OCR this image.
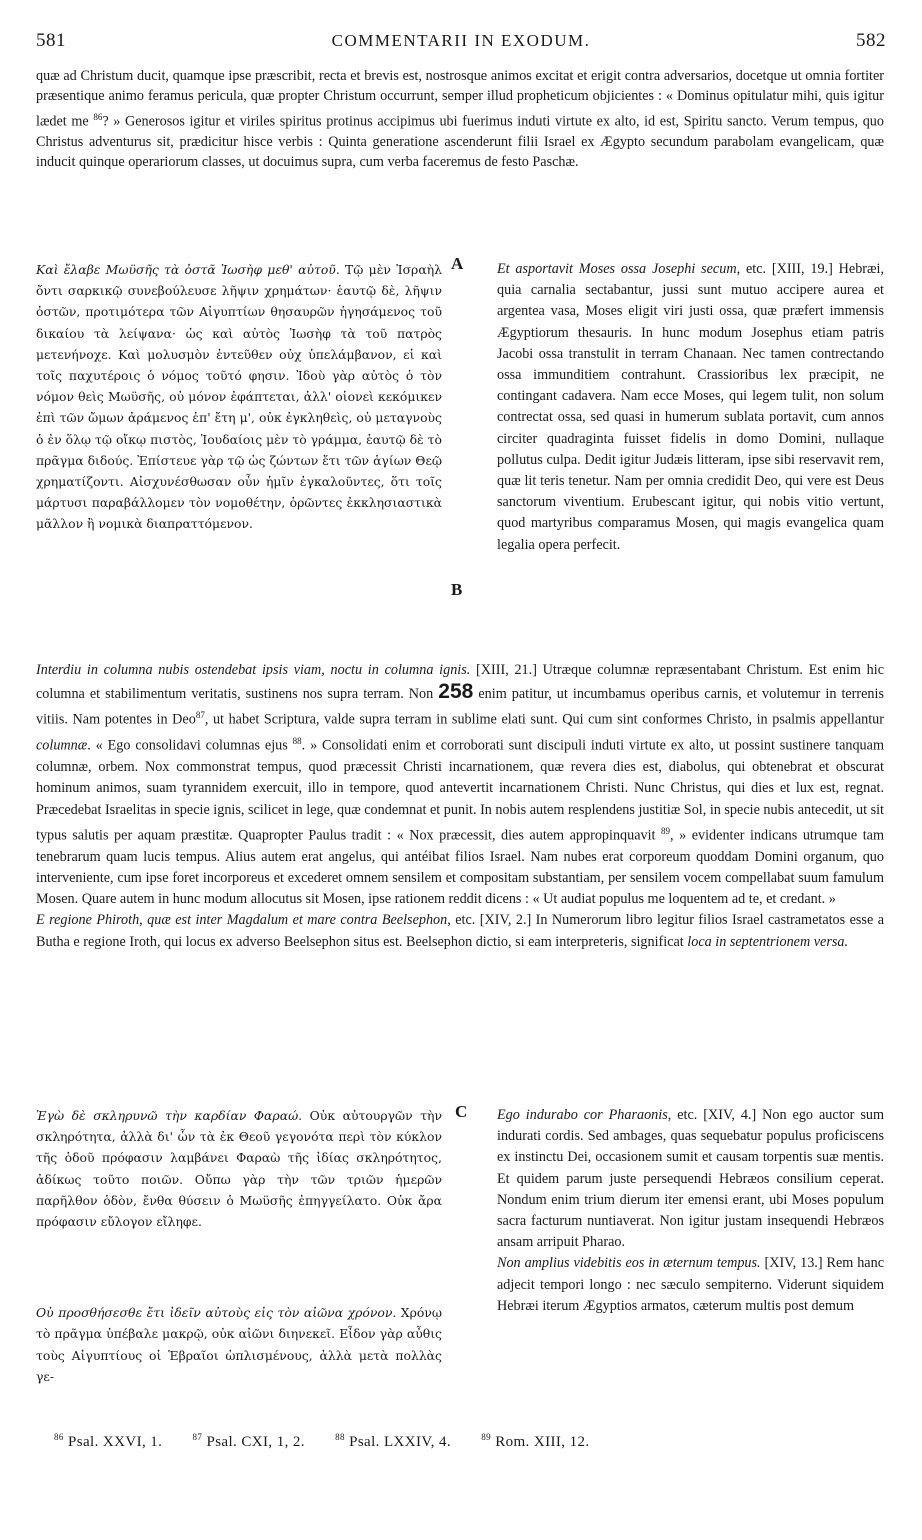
581	COMMENTARII IN EXODUM.	582

quæ ad Christum ducit, quamque ipse præscribit, recta et brevis est, nostrosque animos excitat et erigit contra adversarios, docetque ut omnia fortiter præsentique animo feramus pericula, quæ propter Christum occurrunt, semper illud propheticum objicientes : « Dominus opitulatur mihi, quis igitur lædet me $^{86}$? » Generosos igitur et viriles spiritus protinus accipimus ubi fuerimus induti virtute ex alto, id est, Spiritu sancto. Verum tempus, quo Christus adventurus sit, prædicitur hisce verbis : Quinta generatione ascenderunt filii Israel ex Ægypto secundum parabolam evangelicam, quæ inducit quinque operariorum classes, ut docuimus supra, cum verba faceremus de festo Paschæ.

Καὶ ἔλαβε Μωϋσῆς τὰ ὀστᾶ Ἰωσὴφ μεθ' αὐτοῦ. Τῷ μὲν Ἰσραὴλ ὄντι σαρκικῷ συνεβούλευσε λῆψιν χρημάτων· ἑαυτῷ δὲ, λῆψιν ὀστῶν, προτιμότερα τῶν Αἰγυπτίων θησαυρῶν ἡγησάμενος τοῦ δικαίου τὰ λείψανα· ὡς καὶ αὐτὸς Ἰωσὴφ τὰ τοῦ πατρὸς μετενήνοχε. Καὶ μολυσμὸν ἐντεῦθεν οὐχ ὑπελάμβανον, εἰ καὶ τοῖς παχυτέροις ὁ νόμος τοῦτό φησιν. Ἰδοὺ γὰρ αὐτὸς ὁ τὸν νόμον θεὶς Μωϋσῆς, οὐ μόνον ἐφάπτεται, ἀλλ' οἱονεὶ κεκόμικεν ἐπὶ τῶν ὤμων ἀράμενος ἐπ' ἔτη μ', οὐκ ἐγκληθεὶς, οὐ μεταγνοὺς ὁ ἐν ὅλῳ τῷ οἴκῳ πιστὸς, Ἰουδαίοις μὲν τὸ γράμμα, ἑαυτῷ δὲ τὸ πρᾶγμα διδούς. Ἐπίστευε γὰρ τῷ ὡς ζώντων ἔτι τῶν ἁγίων Θεῷ χρηματίζοντι. Αἰσχυνέσθωσαν οὖν ἡμῖν ἐγκαλοῦντες, ὅτι τοῖς μάρτυσι παραβάλλομεν τὸν νομοθέτην, ὁρῶντες ἐκκλησιαστικὰ μᾶλλον ἢ νομικὰ διαπραττόμενον.
A
B
Et asportavit Moses ossa Josephi secum, etc. [XIII, 19.] Hebræi, quia carnalia sectabantur, jussi sunt mutuo accipere aurea et argentea vasa, Moses eligit viri justi ossa, quæ præfert immensis Ægyptiorum thesauris. In hunc modum Josephus etiam patris Jacobi ossa transtulit in terram Chanaan. Nec tamen contrectando ossa immunditiem contrahunt. Crassioribus lex præcipit, ne contingant cadavera. Nam ecce Moses, qui legem tulit, non solum contrectat ossa, sed quasi in humerum sublata portavit, cum annos circiter quadraginta fuisset fidelis in domo Domini, nullaque pollutus culpa. Dedit igitur Judæis litteram, ipse sibi reservavit rem, quæ lit teris tenetur. Nam per omnia credidit Deo, qui vere est Deus sanctorum viventium. Erubescant igitur, qui nobis vitio vertunt, quod martyribus comparamus Mosen, qui magis evangelica quam legalia opera perfecit.

Interdiu in columna nubis ostendebat ipsis viam, noctu in columna ignis. [XIII, 21.] Utræque columnæ repræsentabant Christum. Est enim hic columna et stabilimentum veritatis, sustinens nos supra terram. Non 258 enim patitur, ut incumbamus operibus carnis, et volutemur in terrenis vitiis. Nam potentes in Deo$^{87}$, ut habet Scriptura, valde supra terram in sublime elati sunt. Qui cum sint conformes Christo, in psalmis appellantur columnæ. « Ego consolidavi columnas ejus $^{88}$. » Consolidati enim et corroborati sunt discipuli induti virtute ex alto, ut possint sustinere tanquam columnæ, orbem. Nox commonstrat tempus, quod præcessit Christi incarnationem, quæ revera dies est, diabolus, qui obtenebrat et obscurat hominum animos, suam tyrannidem exercuit, illo in tempore, quod antevertit incarnationem Christi. Nunc Christus, qui dies et lux est, regnat. Præcedebat Israelitas in specie ignis, scilicet in lege, quæ condemnat et punit. In nobis autem resplendens justitiæ Sol, in specie nubis antecedit, ut sit typus salutis per aquam præstitæ. Quapropter Paulus tradit : « Nox præcessit, dies autem appropinquavit $^{89}$, » evidenter indicans utrumque tam tenebrarum quam lucis tempus. Alius autem erat angelus, qui antéibat filios Israel. Nam nubes erat corporeum quoddam Domini organum, quo interveniente, cum ipse foret incorporeus et excederet omnem sensilem et compositam substantiam, per sensilem vocem compellabat suum famulum Mosen. Quare autem in hunc modum allocutus sit Mosen, ipse rationem reddit dicens : « Ut audiat populus me loquentem ad te, et credant. »
E regione Phiroth, quæ est inter Magdalum et mare contra Beelsephon, etc. [XIV, 2.] In Numerorum libro legitur filios Israel castrametatos esse a Butha e regione Iroth, qui locus ex adverso Beelsephon situs est. Beelsephon dictio, si eam interpreteris, significat loca in septentrionem versa.

Ἐγὼ δὲ σκληρυνῶ τὴν καρδίαν Φαραώ. Οὐκ αὐτουργῶν τὴν σκληρότητα, ἀλλὰ δι' ὧν τὰ ἐκ Θεοῦ γεγονότα περὶ τὸν κύκλον τῆς ὁδοῦ πρόφασιν λαμβάνει Φαραὼ τῆς ἰδίας σκληρότητος, ἀδίκως τοῦτο ποιῶν. Οὔπω γὰρ τὴν τῶν τριῶν ἡμερῶν παρῆλθον ὁδὸν, ἔνθα θύσειν ὁ Μωϋσῆς ἐπηγγείλατο. Οὐκ ἄρα πρόφασιν εὔλογον εἴληφε.

Οὐ προσθήσεσθε ἔτι ἰδεῖν αὐτοὺς εἰς τὸν αἰῶνα χρόνον. Χρόνῳ τὸ πρᾶγμα ὑπέβαλε μακρῷ, οὐκ αἰῶνι διηνεκεῖ. Εἶδον γὰρ αὖθις τοὺς Αἰγυπτίους οἱ Ἑβραῖοι ὡπλισμένους, ἀλλὰ μετὰ πολλὰς γε-

C Ego indurabo cor Pharaonis, etc. [XIV, 4.] Non ego auctor sum indurati cordis. Sed ambages, quas sequebatur populus proficiscens ex instinctu Dei, occasionem sumit et causam torpentis suæ mentis. Et quidem parum juste persequendi Hebræos consilium ceperat. Nondum enim trium dierum iter emensi erant, ubi Moses populum sacra facturum nuntiaverat. Non igitur justam insequendi Hebræos ansam arripuit Pharao.

Non amplius videbitis eos in æternum tempus. [XIV, 13.] Rem hanc adjecit tempori longo : nec sæculo sempiterno. Viderunt siquidem Hebræi iterum Ægyptios armatos, cæterum multis post demum

$^{86}$ Psal. XXVI, 1.	$^{87}$ Psal. CXI, 1, 2.	$^{88}$ Psal. LXXIV, 4.	$^{89}$ Rom. XIII, 12.
